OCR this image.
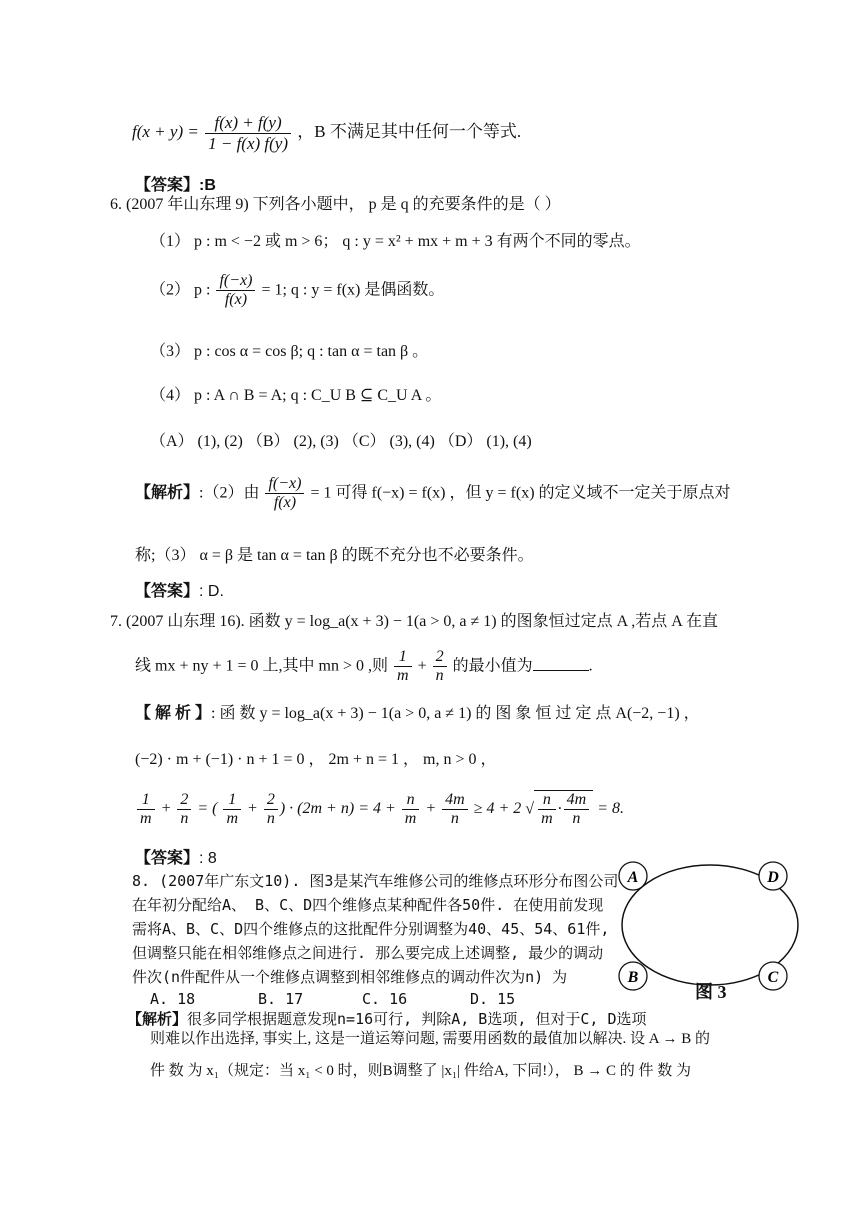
$f(x + y) = \frac{f(x) + f(y)}{1 - f(x) f(y)}$ ，B 不满足其中任何一个等式.
【答案】:B
6. (2007 年山东理 9) 下列各小题中， p 是 q 的充要条件的是（ ）
（1） p : m < −2 或 m > 6； q : y = x² + mx + m + 3 有两个不同的零点。
（2） p : $\frac{f(-x)}{f(x)} = 1$; q : y = f(x) 是偶函数。
（3） p : cos α = cos β; q : tan α = tan β 。
（4） p : A ∩ B = A; q : C_U B ⊆ C_U A 。
（A） (1), (2) （B） (2), (3) （C） (3), (4) （D） (1), (4)
【解析】:（2）由 $\frac{f(-x)}{f(x)} = 1$ 可得 f(−x) = f(x) ，但 y = f(x) 的定义域不一定关于原点对
称;（3） α = β 是 tan α = tan β 的既不充分也不必要条件。
【答案】: D.
7. (2007 山东理 16). 函数 y = log_a(x + 3) − 1(a > 0, a ≠ 1) 的图象恒过定点 A ,若点 A 在直
线 mx + ny + 1 = 0 上,其中 mn > 0 ,则 $\frac{1}{m} + \frac{2}{n}$ 的最小值为	.
【 解 析 】: 函 数 y = log_a(x + 3) − 1(a > 0, a ≠ 1) 的 图 象 恒 过 定 点 A(−2, −1) ，
(−2) · m + (−1) · n + 1 = 0 ， 2m + n = 1 ， m, n > 0 ，
$\frac{1}{m} + \frac{2}{n}$ = ( $\frac{1}{m} + \frac{2}{n}$ ) · $(2m + n) = 4 + \frac{n}{m} + \frac{4m}{n} \ge 4 + 2$ √ $\frac{n}{m} \cdot \frac{4m}{n} = 8$.
【答案】: 8
8. (2007年广东文10). 图3是某汽车维修公司的维修点环形分布图公司
在年初分配给A、 B、C、D四个维修点某种配件各50件. 在使用前发现
需将A、B、C、D四个维修点的这批配件分别调整为40、45、54、61件,
但调整只能在相邻维修点之间进行. 那么要完成上述调整, 最少的调动
件次(n件配件从一个维修点调整到相邻维修点的调动件次为n) 为
A. 18	B. 17	C. 16	D. 15
A	D
B	C
图 3
【解析】很多同学根据题意发现n=16可行, 判除A, B选项, 但对于C, D选项
则难以作出选择, 事实上, 这是一道运筹问题, 需要用函数的最值加以解决. 设 A → B 的
件 数 为 x₁（规定：当 x₁ < 0 时，则B调整了 |x₁| 件给A, 下同!）， B → C 的 件 数 为
